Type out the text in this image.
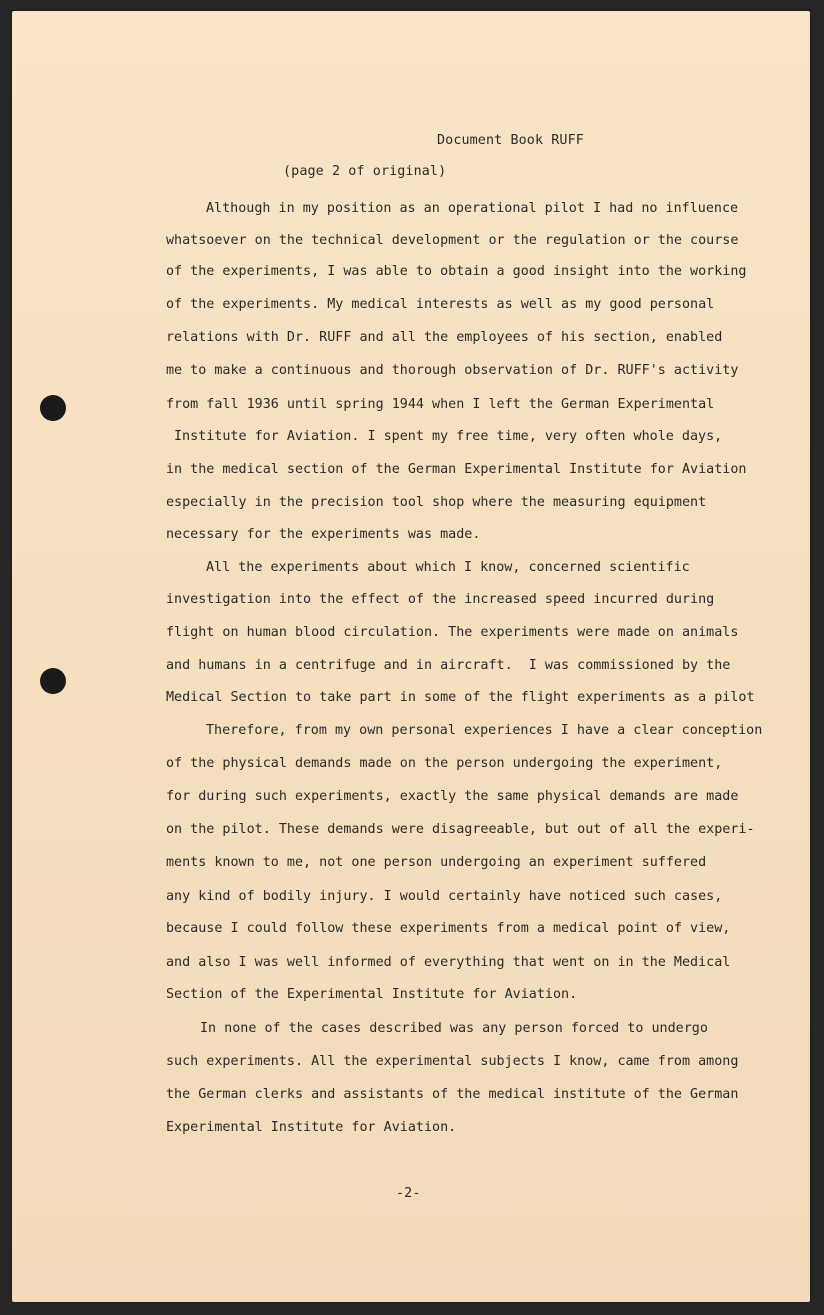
Document Book RUFF
(page 2 of original)
Although in my position as an operational pilot I had no influence
whatsoever on the technical development or the regulation or the course
of the experiments, I was able to obtain a good insight into the working
of the experiments. My medical interests as well as my good personal
relations with Dr. RUFF and all the employees of his section, enabled
me to make a continuous and thorough observation of Dr. RUFF's activity
from fall 1936 until spring 1944 when I left the German Experimental
Institute for Aviation. I spent my free time, very often whole days,
in the medical section of the German Experimental Institute for Aviation
especially in the precision tool shop where the measuring equipment
necessary for the experiments was made.
All the experiments about which I know, concerned scientific
investigation into the effect of the increased speed incurred during
flight on human blood circulation. The experiments were made on animals
and humans in a centrifuge and in aircraft.  I was commissioned by the
Medical Section to take part in some of the flight experiments as a pilot
Therefore, from my own personal experiences I have a clear conception
of the physical demands made on the person undergoing the experiment,
for during such experiments, exactly the same physical demands are made
on the pilot. These demands were disagreeable, but out of all the experi-
ments known to me, not one person undergoing an experiment suffered
any kind of bodily injury. I would certainly have noticed such cases,
because I could follow these experiments from a medical point of view,
and also I was well informed of everything that went on in the Medical
Section of the Experimental Institute for Aviation.
In none of the cases described was any person forced to undergo
such experiments. All the experimental subjects I know, came from among
the German clerks and assistants of the medical institute of the German
Experimental Institute for Aviation.
-2-
